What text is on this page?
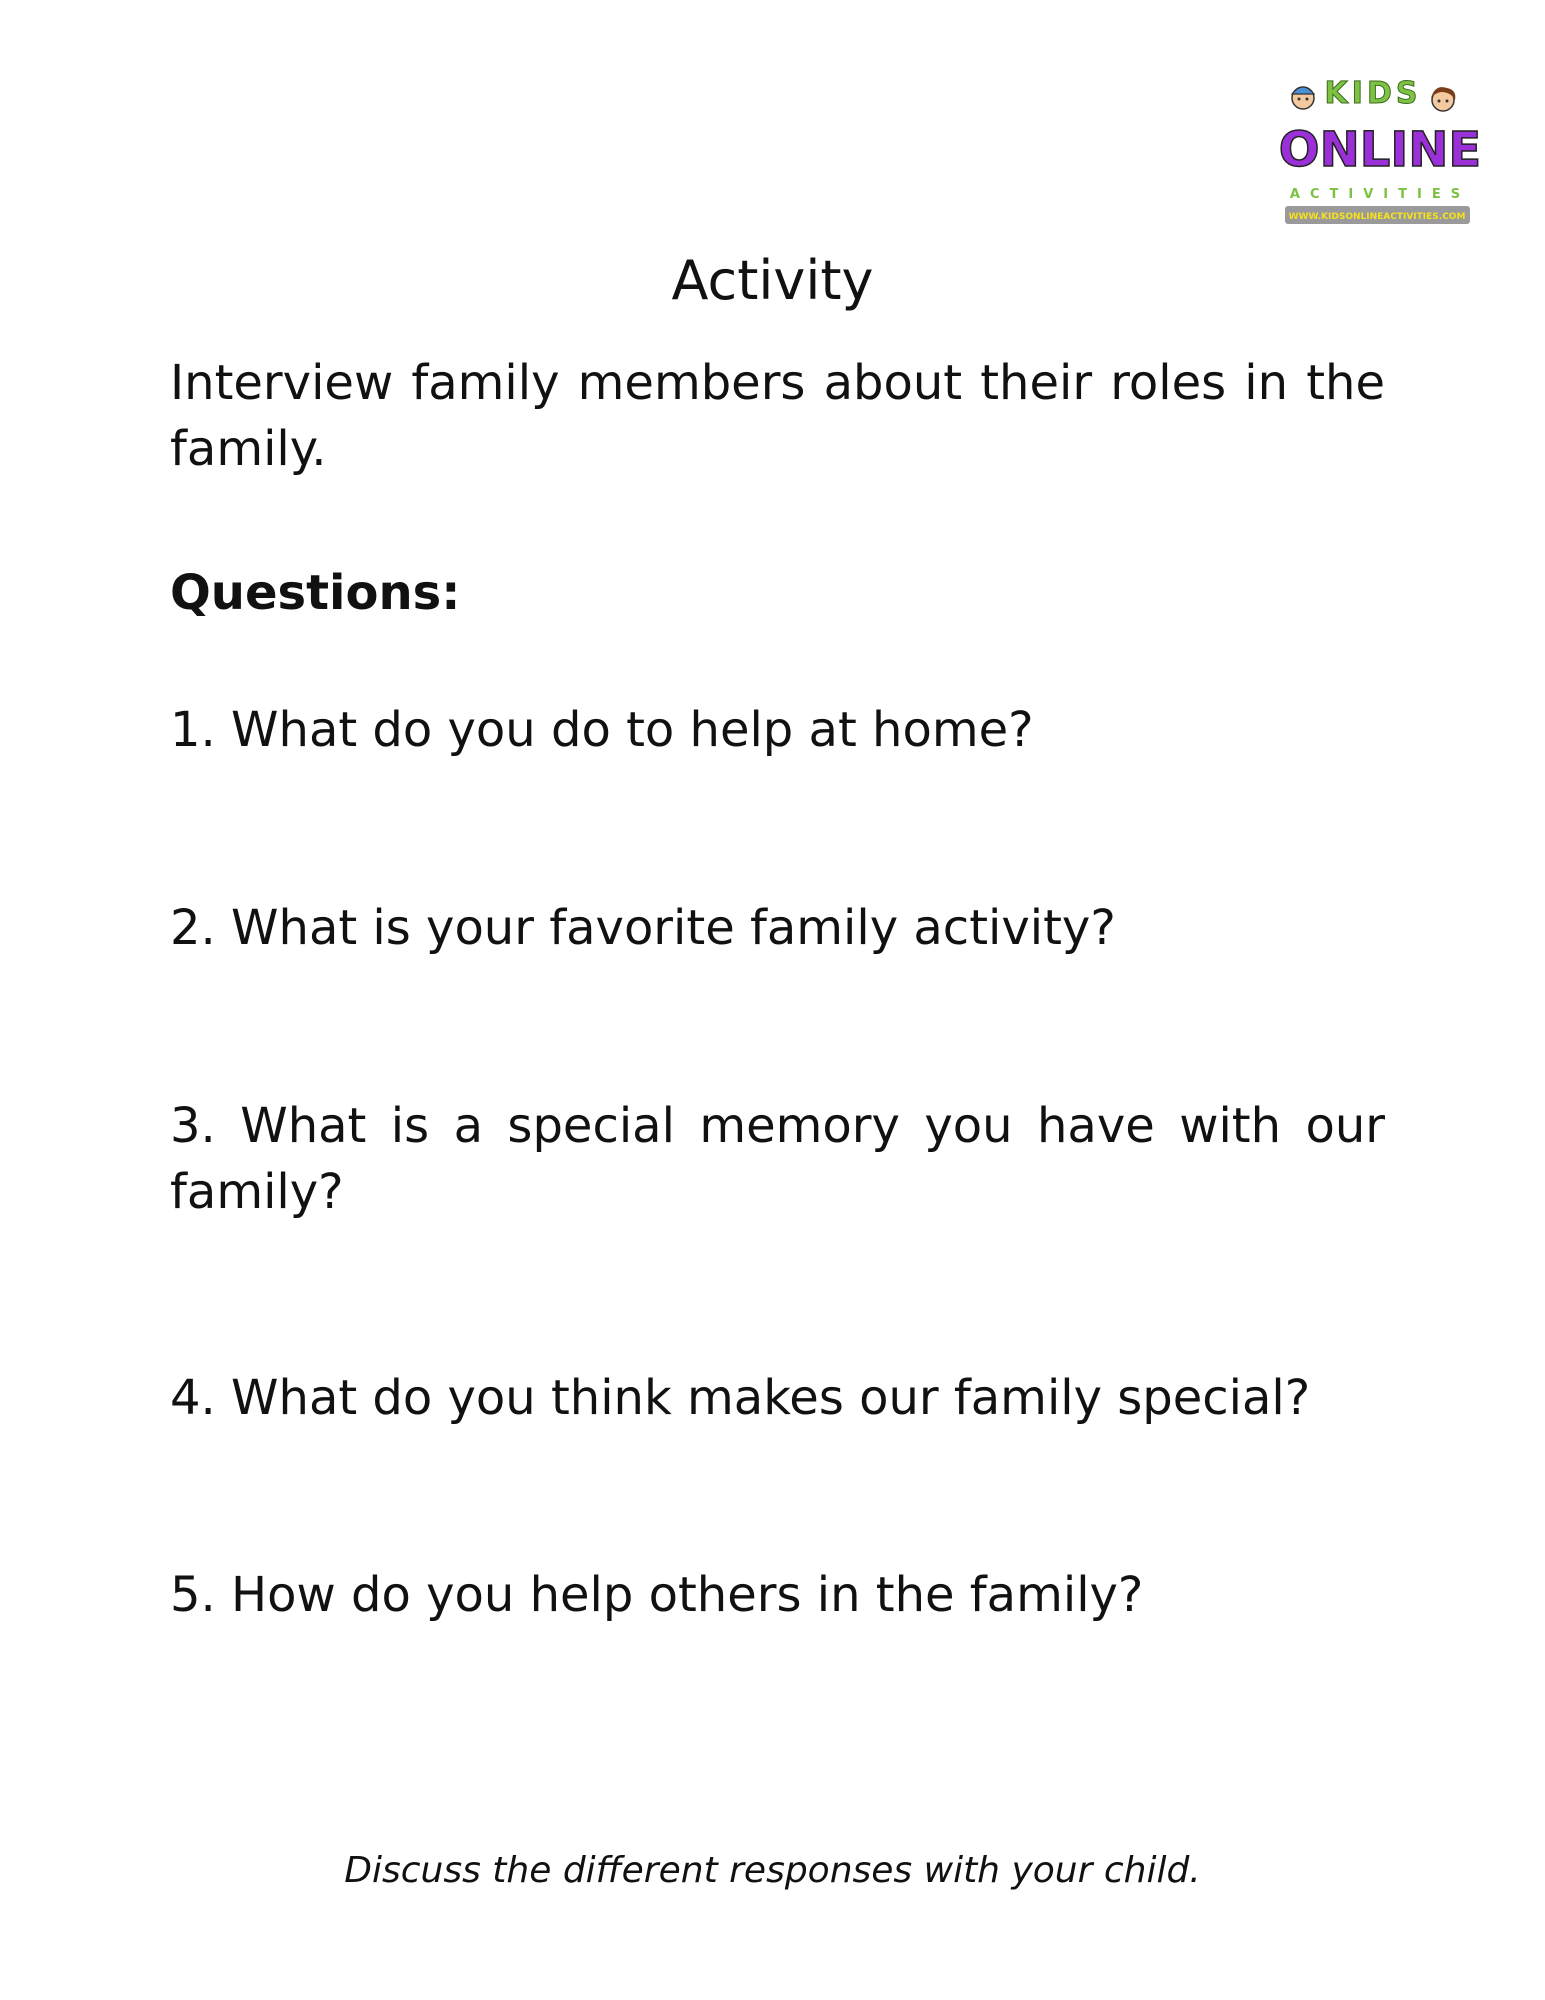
KIDS
ONLINE
ACTIVITIES
WWW.KIDSONLINEACTIVITIES.COM
Activity

Interview family members about their roles in the family.

Questions:

1. What do you do to help at home?

2. What is your favorite family activity?

3. What is a special memory you have with our family?

4. What do you think makes our family special?

5. How do you help others in the family?

Discuss the different responses with your child.
